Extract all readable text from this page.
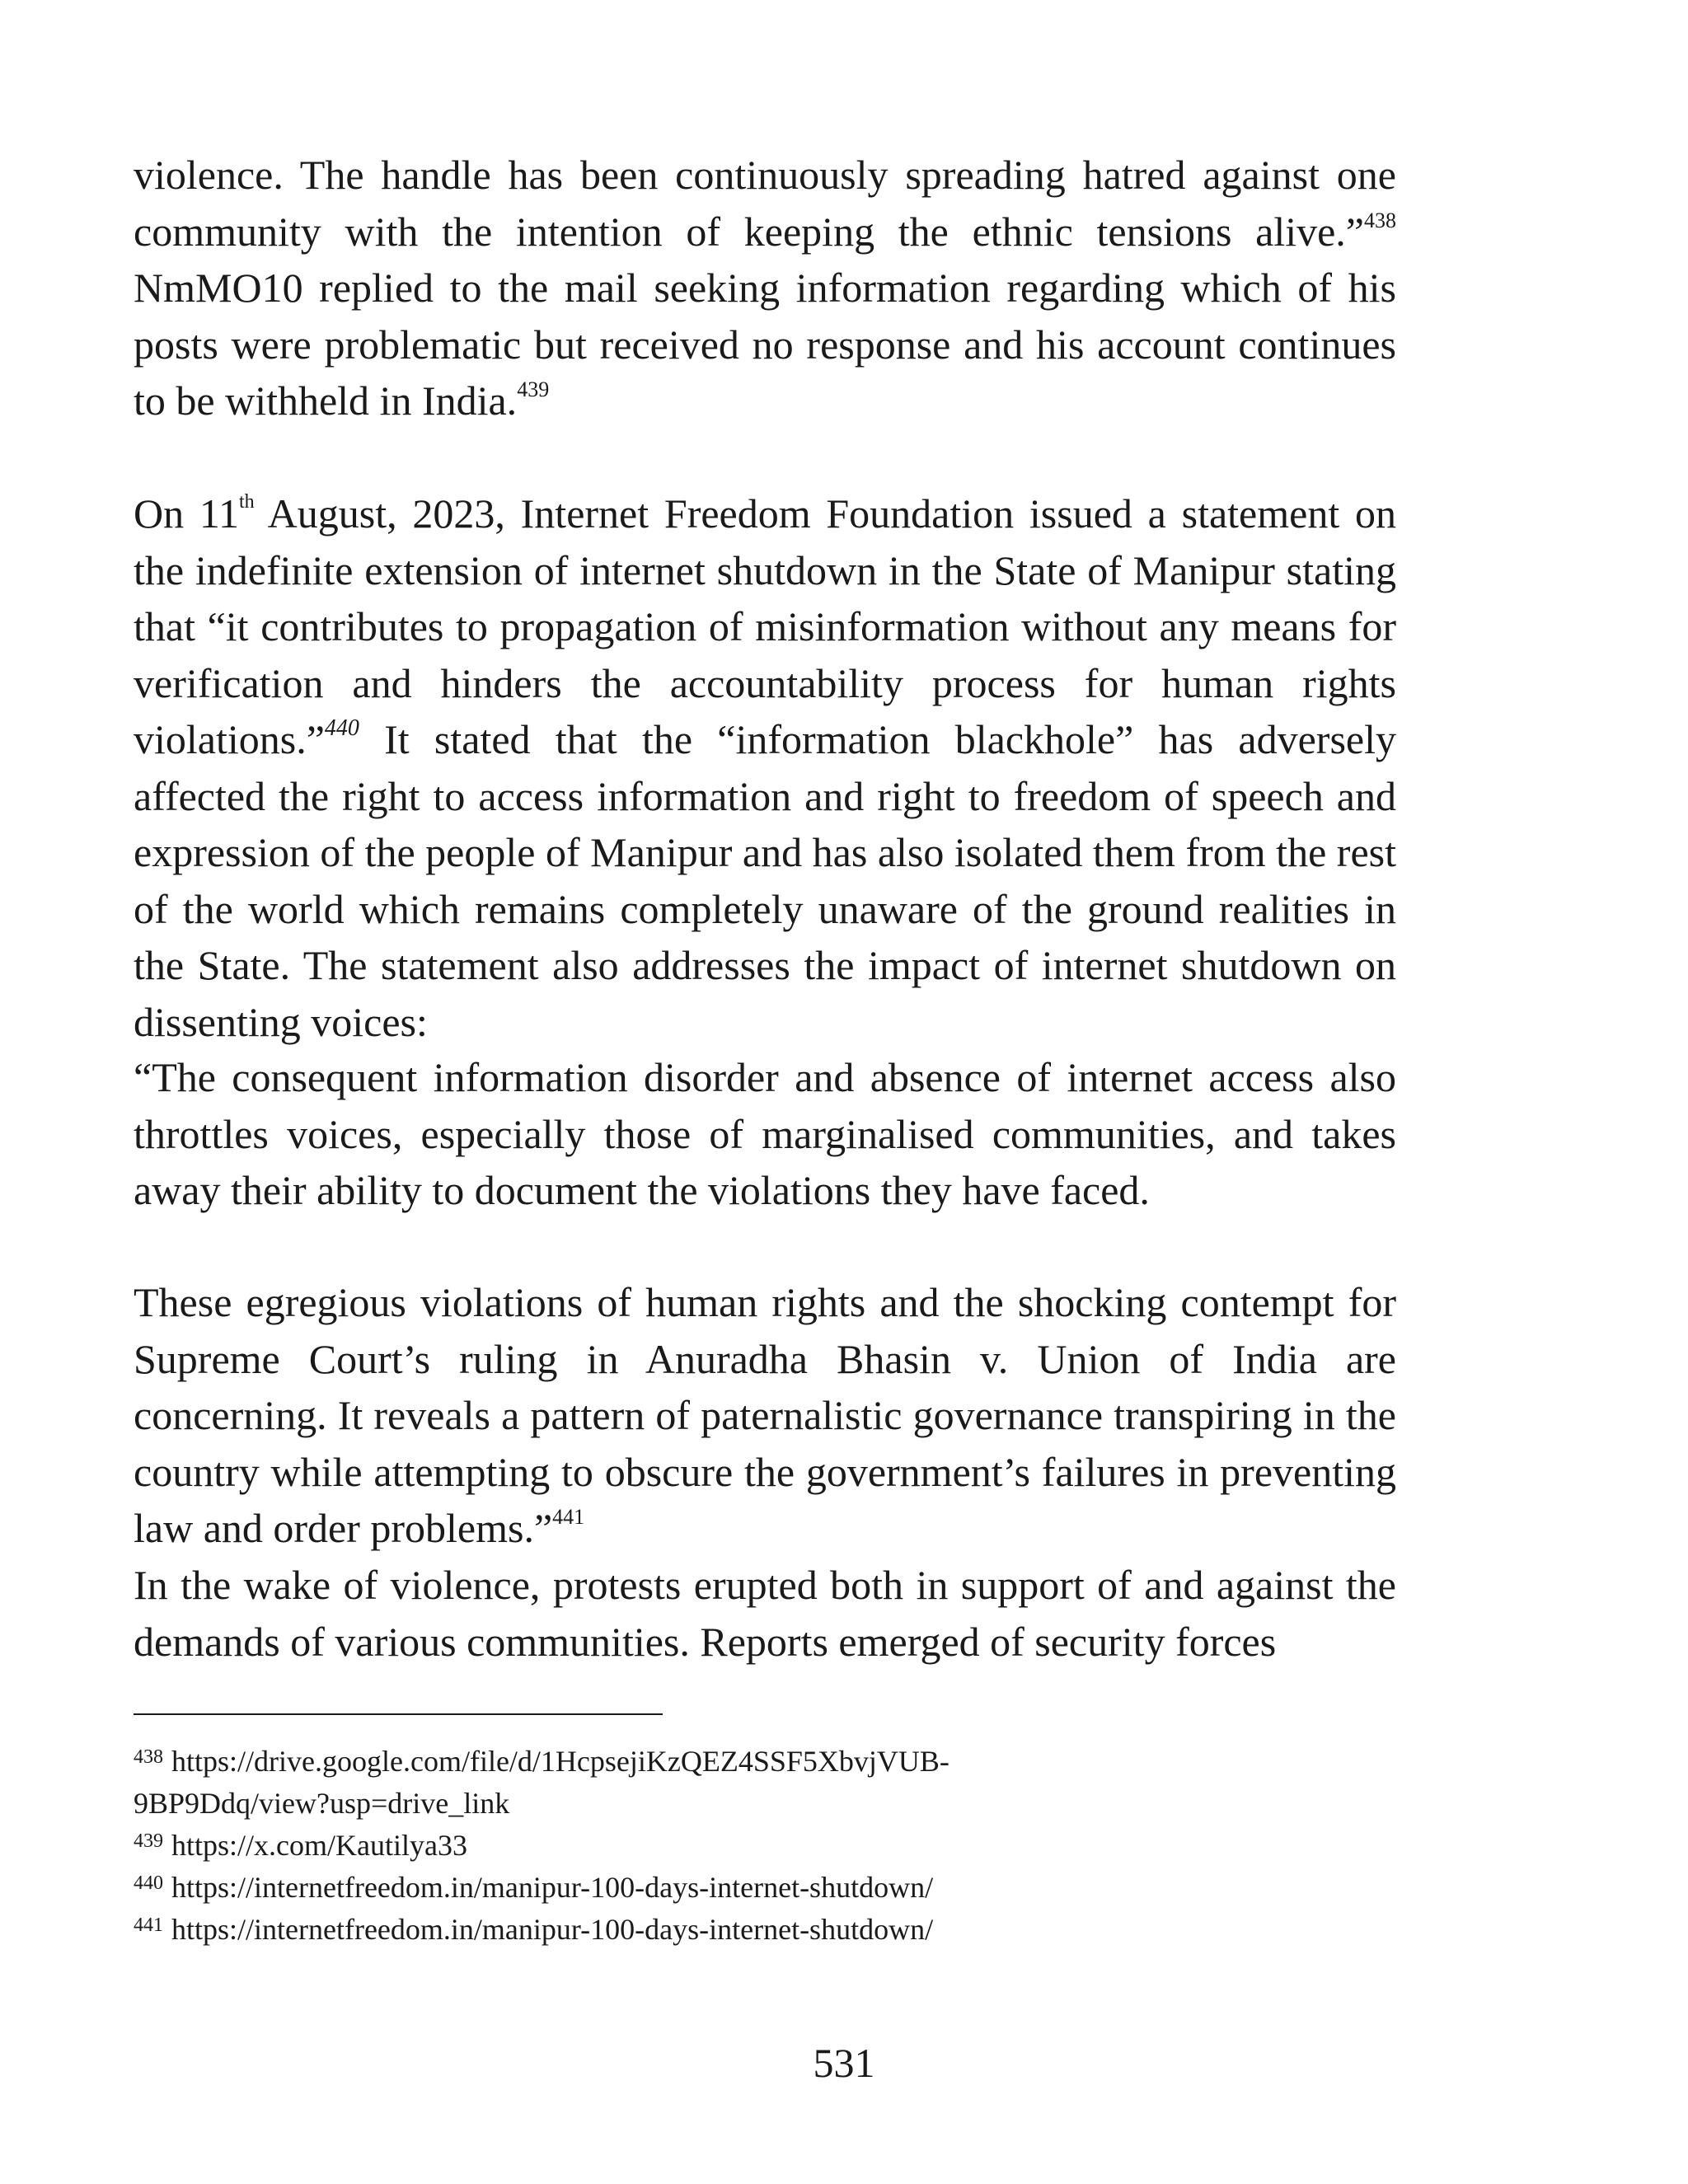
violence. The handle has been continuously spreading hatred against one community with the intention of keeping the ethnic tensions alive.”$^{438}$ NmMO10 replied to the mail seeking information regarding which of his posts were problematic but received no response and his account continues to be withheld in India.$^{439}$

On 11th August, 2023, Internet Freedom Foundation issued a statement on the indefinite extension of internet shutdown in the State of Manipur stating that “it contributes to propagation of misinformation without any means for verification and hinders the accountability process for human rights violations.”$^{440}$ It stated that the “information blackhole” has adversely affected the right to access information and right to freedom of speech and expression of the people of Manipur and has also isolated them from the rest of the world which remains completely unaware of the ground realities in the State. The statement also addresses the impact of internet shutdown on dissenting voices:

“The consequent information disorder and absence of internet access also throttles voices, especially those of marginalised communities, and takes away their ability to document the violations they have faced.

These egregious violations of human rights and the shocking contempt for Supreme Court’s ruling in Anuradha Bhasin v. Union of India are concerning. It reveals a pattern of paternalistic governance transpiring in the country while attempting to obscure the government’s failures in preventing law and order problems.”$^{441}$

In the wake of violence, protests erupted both in support of and against the demands of various communities. Reports emerged of security forces

$^{438}$ https://drive.google.com/file/d/1HcpsejiKzQEZ4SSF5XbvjVUB-

9BP9Ddq/view?usp=drive_link

$^{439}$ https://x.com/Kautilya33

$^{440}$ https://internetfreedom.in/manipur-100-days-internet-shutdown/

$^{441}$ https://internetfreedom.in/manipur-100-days-internet-shutdown/

531
